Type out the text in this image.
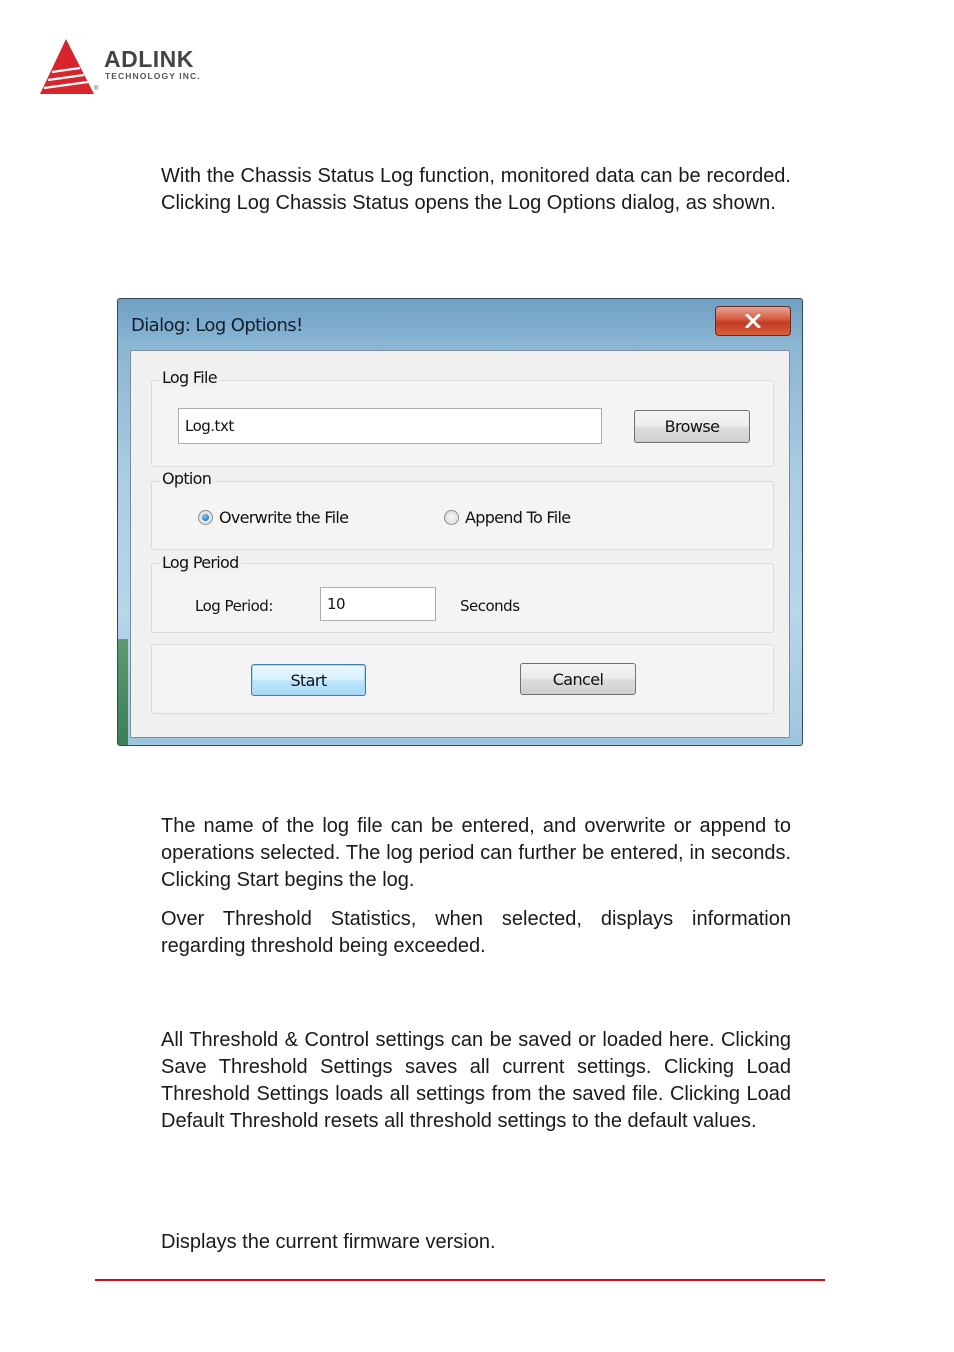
ADLINK
TECHNOLOGY INC.
®

With the Chassis Status Log function, monitored data can be recorded. Clicking Log Chassis Status opens the Log Options dialog, as shown.

Dialog: Log Options!
Log File
Log.txt
Browse
Option
Overwrite the File	Append To File
Log Period
Log Period:
10	Seconds
Start	Cancel

The name of the log file can be entered, and overwrite or append to operations selected. The log period can further be entered, in seconds. Clicking Start begins the log.

Over Threshold Statistics, when selected, displays information regarding threshold being exceeded.

All Threshold & Control settings can be saved or loaded here. Clicking Save Threshold Settings saves all current settings. Clicking Load Threshold Settings loads all settings from the saved file. Clicking Load Default Threshold resets all threshold settings to the default values.

Displays the current firmware version.
